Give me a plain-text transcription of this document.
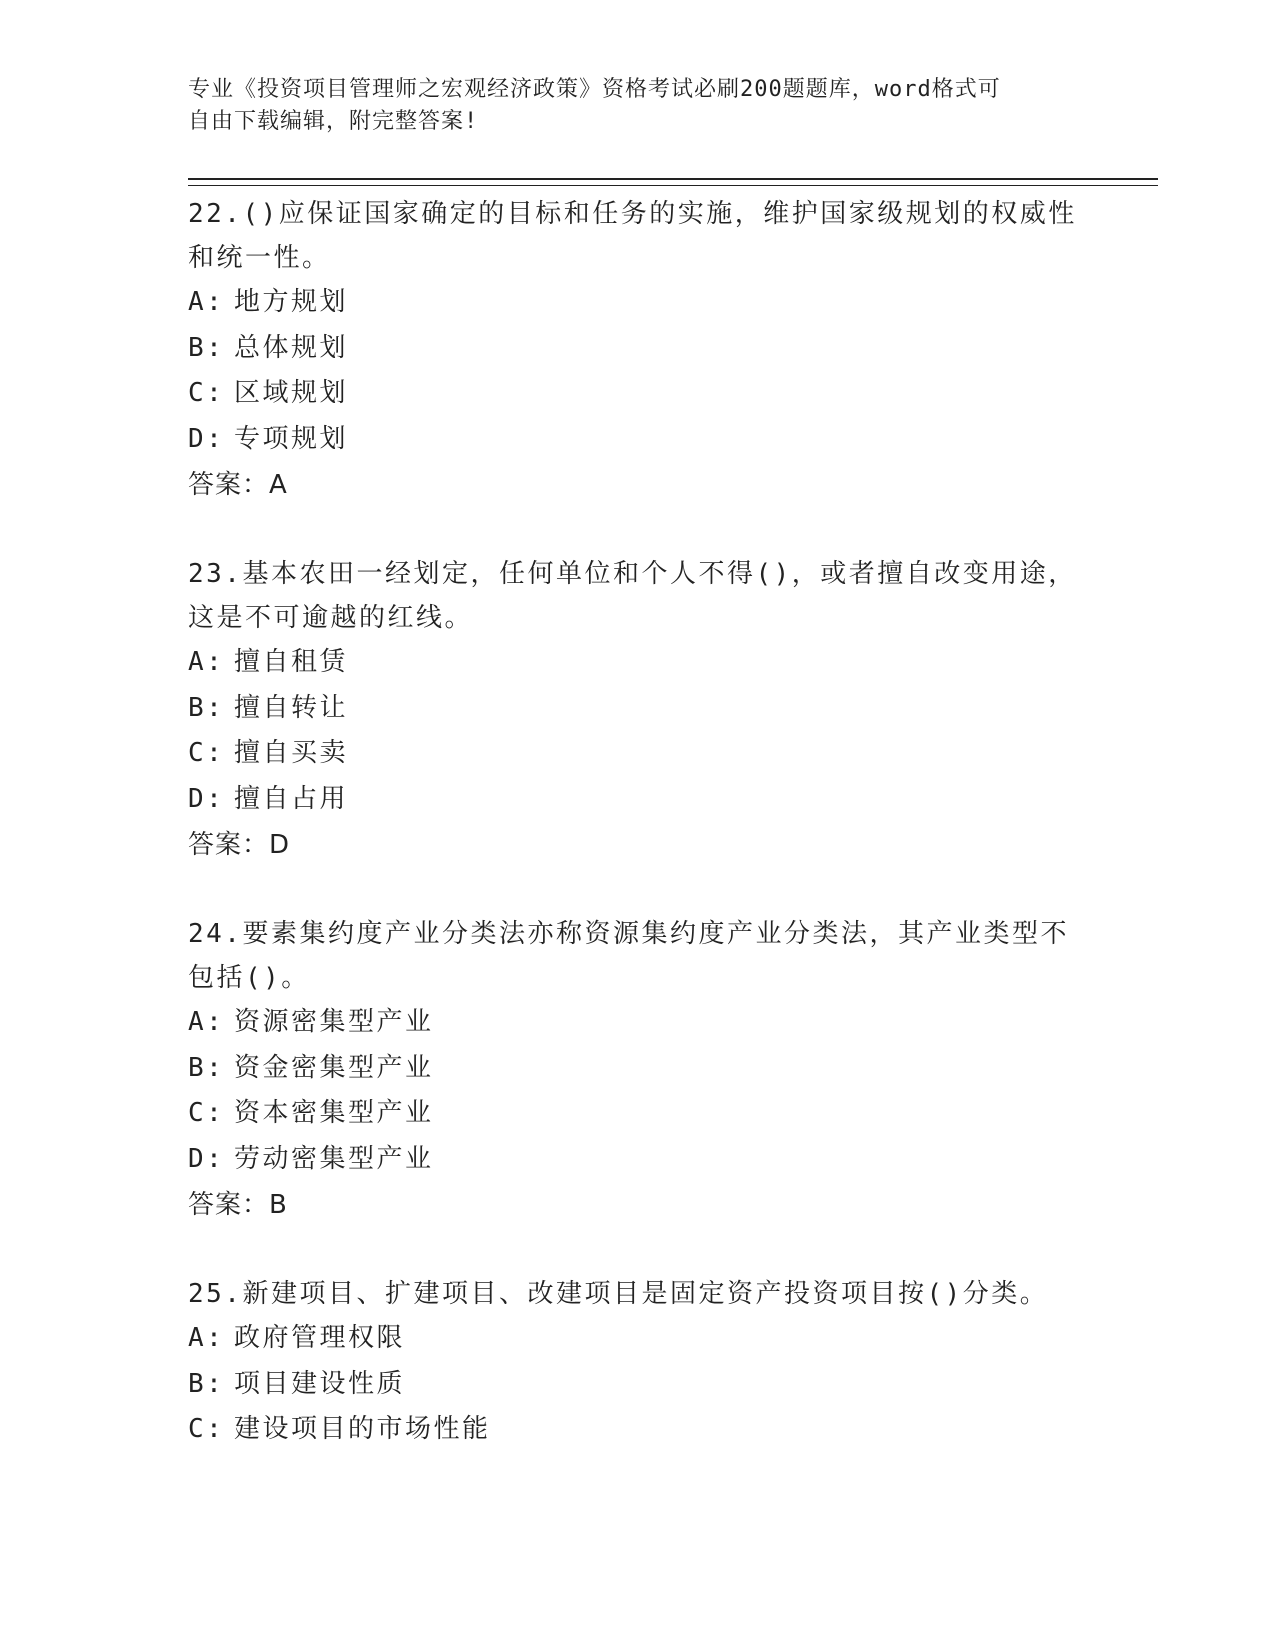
专业《投资项目管理师之宏观经济政策》资格考试必刷200题题库，word格式可
自由下载编辑，附完整答案!
22.()应保证国家确定的目标和任务的实施，维护国家级规划的权威性
和统一性。
A: 地方规划
B: 总体规划
C: 区域规划
D: 专项规划
答案：A
23.基本农田一经划定，任何单位和个人不得()，或者擅自改变用途，
这是不可逾越的红线。
A: 擅自租赁
B: 擅自转让
C: 擅自买卖
D: 擅自占用
答案：D
24.要素集约度产业分类法亦称资源集约度产业分类法，其产业类型不
包括()。
A: 资源密集型产业
B: 资金密集型产业
C: 资本密集型产业
D: 劳动密集型产业
答案：B
25.新建项目、扩建项目、改建项目是固定资产投资项目按()分类。
A: 政府管理权限
B: 项目建设性质
C: 建设项目的市场性能
